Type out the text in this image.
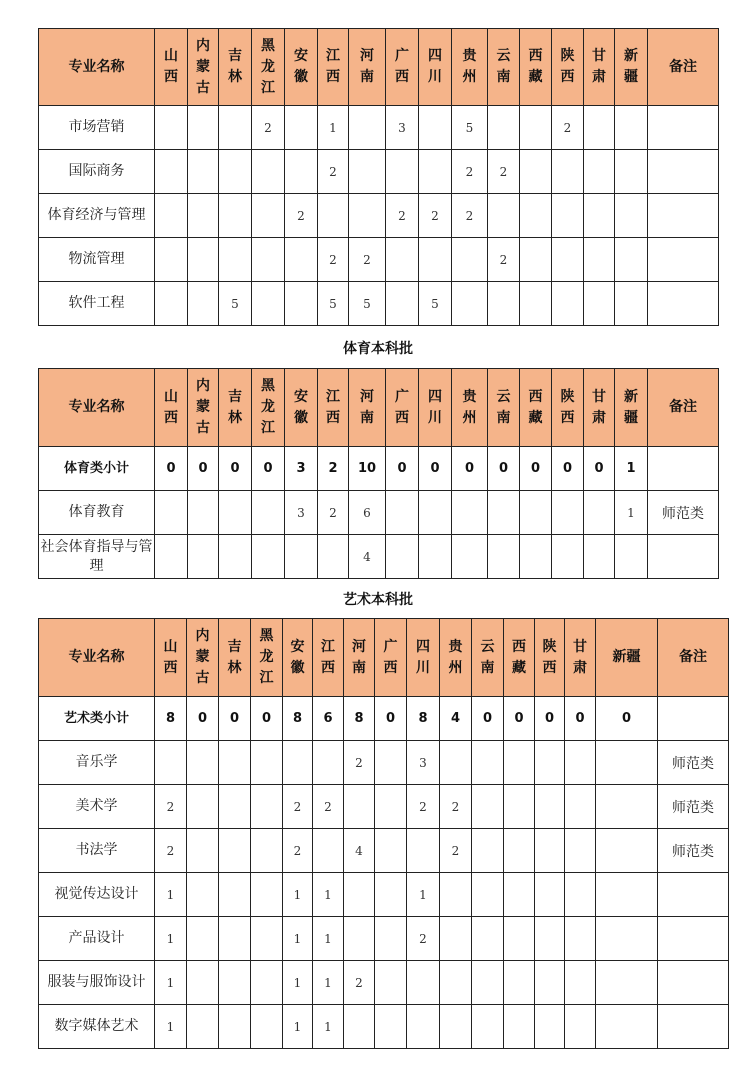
专业名称	山西	内蒙古	吉林	黑龙江	安徽	江西	河南	广西	四川	贵州	云南	西藏	陕西	甘肃	新疆	备注
市场营销				2		1		3		5			2			
国际商务						2				2	2					
体育经济与管理					2			2	2	2						
物流管理						2	2				2					
软件工程			5			5	5		5							
体育本科批
专业名称	山西	内蒙古	吉林	黑龙江	安徽	江西	河南	广西	四川	贵州	云南	西藏	陕西	甘肃	新疆	备注
体育类小计	0	0	0	0	3	2	10	0	0	0	0	0	0	0	1	
体育教育					3	2	6								1	师范类
社会体育指导与管理							4									
艺术本科批
专业名称	山西	内蒙古	吉林	黑龙江	安徽	江西	河南	广西	四川	贵州	云南	西藏	陕西	甘肃	新疆	备注
艺术类小计	8	0	0	0	8	6	8	0	8	4	0	0	0	0	0	
音乐学							2		3							师范类
美术学	2				2	2			2	2						师范类
书法学	2				2		4			2						师范类
视觉传达设计	1				1	1			1							
产品设计	1				1	1			2							
服装与服饰设计	1				1	1	2									
数字媒体艺术	1				1	1										
